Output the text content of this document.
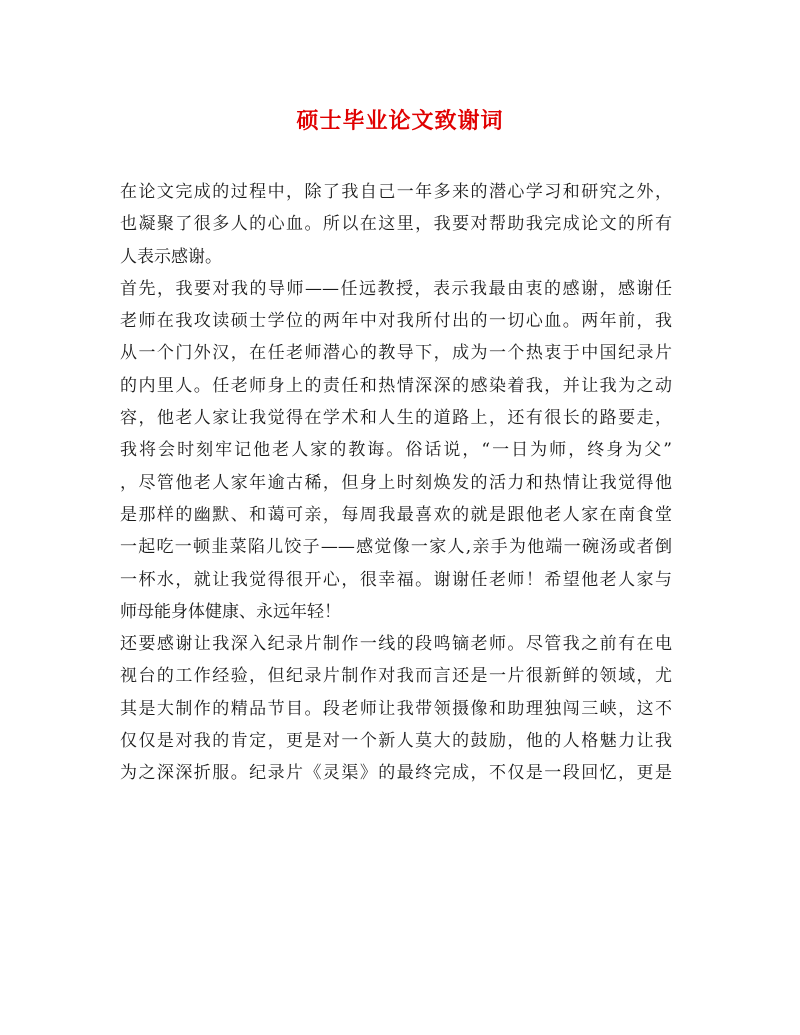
硕士毕业论文致谢词
在论文完成的过程中，除了我自己一年多来的潜心学习和研究之外，
也凝聚了很多人的心血。所以在这里，我要对帮助我完成论文的所有
人表示感谢。
首先，我要对我的导师——任远教授，表示我最由衷的感谢，感谢任
老师在我攻读硕士学位的两年中对我所付出的一切心血。两年前，我
从一个门外汉，在任老师潜心的教导下，成为一个热衷于中国纪录片
的内里人。任老师身上的责任和热情深深的感染着我，并让我为之动
容，他老人家让我觉得在学术和人生的道路上，还有很长的路要走，
我将会时刻牢记他老人家的教诲。俗话说，“一日为师，终身为父”
，尽管他老人家年逾古稀，但身上时刻焕发的活力和热情让我觉得他
是那样的幽默、和蔼可亲，每周我最喜欢的就是跟他老人家在南食堂
一起吃一顿韭菜陷儿饺子——感觉像一家人,亲手为他端一碗汤或者倒
一杯水，就让我觉得很开心，很幸福。谢谢任老师！希望他老人家与
师母能身体健康、永远年轻！
还要感谢让我深入纪录片制作一线的段鸣镝老师。尽管我之前有在电
视台的工作经验，但纪录片制作对我而言还是一片很新鲜的领域，尤
其是大制作的精品节目。段老师让我带领摄像和助理独闯三峡，这不
仅仅是对我的肯定，更是对一个新人莫大的鼓励，他的人格魅力让我
为之深深折服。纪录片《灵渠》的最终完成，不仅是一段回忆，更是
